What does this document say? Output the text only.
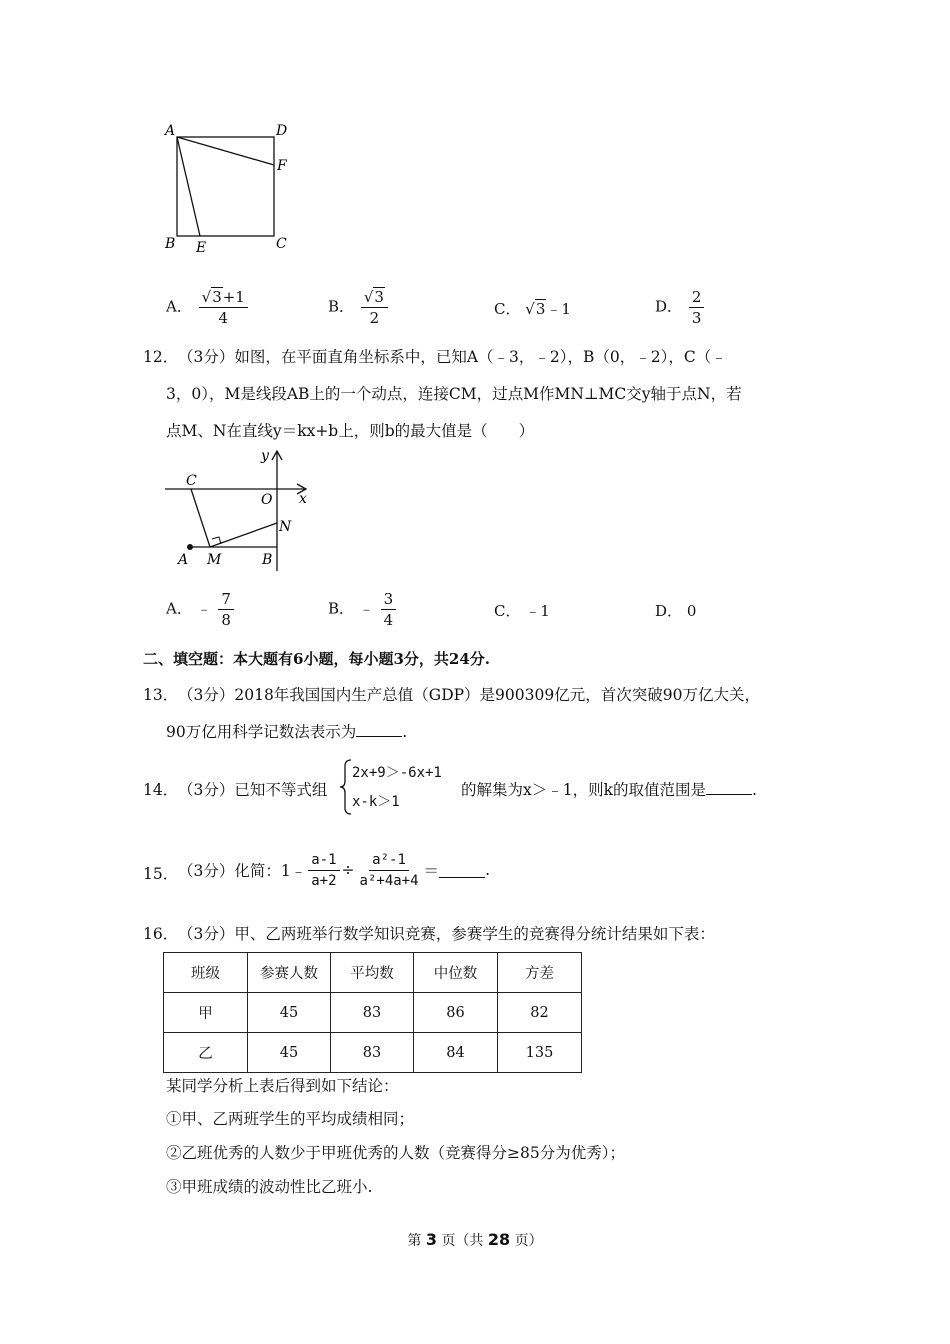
A	D
F
B E	C
A． $\frac{√3+1}{4}$	B． $\frac{√3}{2}$	C． √3﹣1	D． $\frac{2}{3}$
12． （3分）如图，在平面直角坐标系中，已知A（﹣3，﹣2），B（0，﹣2），C（﹣
3，0），M是线段AB上的一个动点，连接CM，过点M作MN⊥MC交y轴于点N，若
点M、N在直线y＝kx+b上，则b的最大值是（　　）
y
x
C
O
N
A M	B
A． ﹣ $\frac{7}{8}$	B． ﹣ $\frac{3}{4}$	C． ﹣1	D． 0
二、填空题：本大题有6小题，每小题3分，共24分.
13． （3分）2018年我国国内生产总值（GDP）是900309亿元，首次突破90万亿大关，
90万亿用科学记数法表示为	.
14． （3分）已知不等式组
2x+9＞-6x+1
x-k＞1
的解集为x＞﹣1，则k的取值范围是	.
15． （3分）化简：1﹣ $\frac{a-1}{a+2} \div \frac{\text{a²-1}}{\text{a²+4a+4}}$ ＝	.
16． （3分）甲、乙两班举行数学知识竞赛，参赛学生的竞赛得分统计结果如下表：
班级	参赛人数	平均数	中位数	方差
甲	45	83	86	82
乙	45	83	84	135
某同学分析上表后得到如下结论：
①甲、乙两班学生的平均成绩相同；
②乙班优秀的人数少于甲班优秀的人数（竞赛得分≥85分为优秀）；
③甲班成绩的波动性比乙班小.
第 3 页（共 28 页）
